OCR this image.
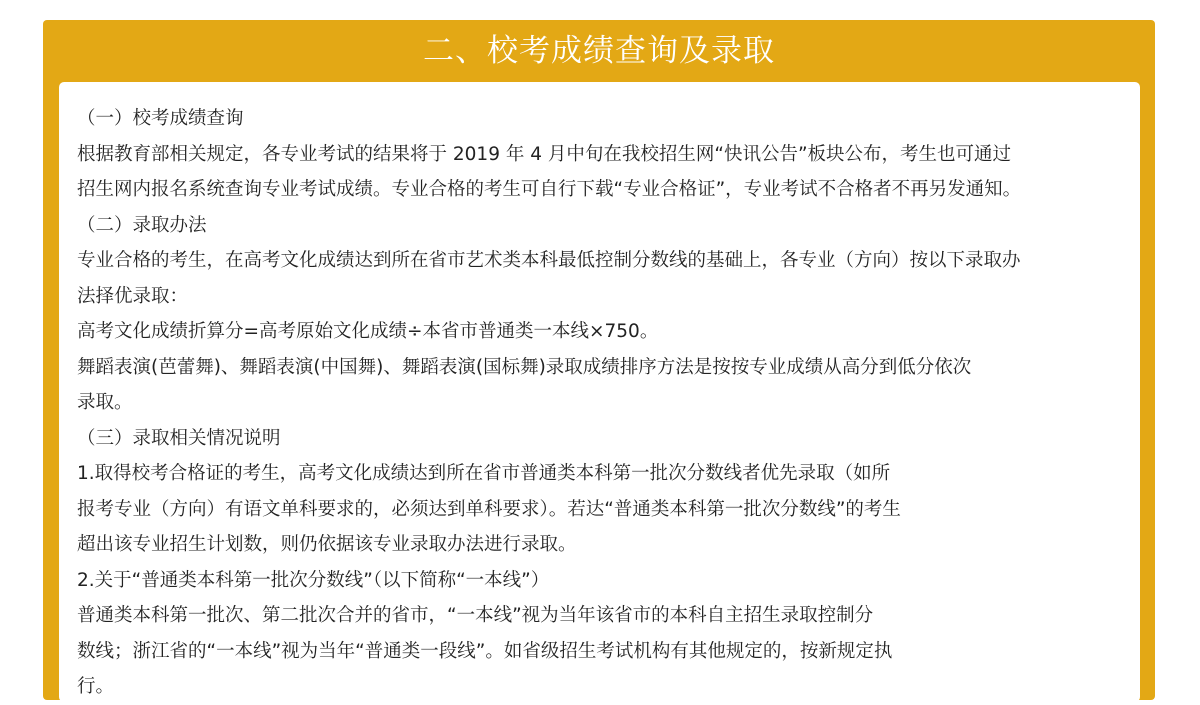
二、校考成绩查询及录取
（一）校考成绩查询
根据教育部相关规定，各专业考试的结果将于 2019 年 4 月中旬在我校招生网“快讯公告”板块公布，考生也可通过
招生网内报名系统查询专业考试成绩。专业合格的考生可自行下载“专业合格证”，专业考试不合格者不再另发通知。
（二）录取办法
专业合格的考生，在高考文化成绩达到所在省市艺术类本科最低控制分数线的基础上，各专业（方向）按以下录取办
法择优录取：
高考文化成绩折算分=高考原始文化成绩÷本省市普通类一本线×750。
舞蹈表演(芭蕾舞)、舞蹈表演(中国舞)、舞蹈表演(国标舞)录取成绩排序方法是按按专业成绩从高分到低分依次
录取。
（三）录取相关情况说明
1.取得校考合格证的考生，高考文化成绩达到所在省市普通类本科第一批次分数线者优先录取（如所
报考专业（方向）有语文单科要求的，必须达到单科要求）。若达“普通类本科第一批次分数线”的考生
超出该专业招生计划数，则仍依据该专业录取办法进行录取。
2.关于“普通类本科第一批次分数线”（以下简称“一本线”）
普通类本科第一批次、第二批次合并的省市，“一本线”视为当年该省市的本科自主招生录取控制分
数线；浙江省的“一本线”视为当年“普通类一段线”。如省级招生考试机构有其他规定的，按新规定执
行。
